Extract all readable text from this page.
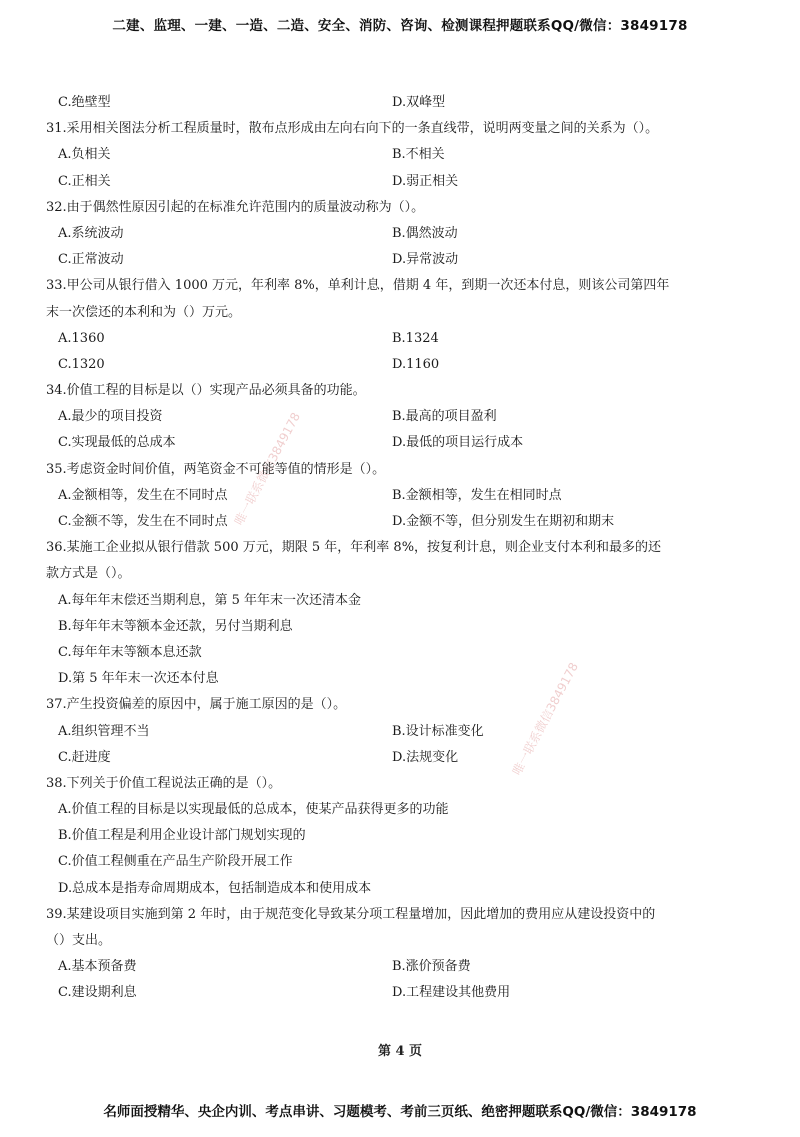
二建、监理、一建、一造、二造、安全、消防、咨询、检测课程押题联系QQ/微信：3849178
唯一联系微信3849178
唯一联系微信3849178
C.绝壁型	D.双峰型
31.采用相关图法分析工程质量时，散布点形成由左向右向下的一条直线带，说明两变量之间的关系为（）。
A.负相关	B.不相关
C.正相关	D.弱正相关
32.由于偶然性原因引起的在标准允许范围内的质量波动称为（）。
A.系统波动	B.偶然波动
C.正常波动	D.异常波动
33.甲公司从银行借入 1000 万元，年利率 8%，单利计息，借期 4 年，到期一次还本付息，则该公司第四年
末一次偿还的本利和为（）万元。
A.1360	B.1324
C.1320	D.1160
34.价值工程的目标是以（）实现产品必须具备的功能。
A.最少的项目投资	B.最高的项目盈利
C.实现最低的总成本	D.最低的项目运行成本
35.考虑资金时间价值，两笔资金不可能等值的情形是（）。
A.金额相等，发生在不同时点	B.金额相等，发生在相同时点
C.金额不等，发生在不同时点	D.金额不等，但分别发生在期初和期末
36.某施工企业拟从银行借款 500 万元，期限 5 年，年利率 8%，按复利计息，则企业支付本利和最多的还
款方式是（）。
A.每年年末偿还当期利息，第 5 年年末一次还清本金
B.每年年末等额本金还款，另付当期利息
C.每年年末等额本息还款
D.第 5 年年末一次还本付息
37.产生投资偏差的原因中，属于施工原因的是（）。
A.组织管理不当	B.设计标准变化
C.赶进度	D.法规变化
38.下列关于价值工程说法正确的是（）。
A.价值工程的目标是以实现最低的总成本，使某产品获得更多的功能
B.价值工程是利用企业设计部门规划实现的
C.价值工程侧重在产品生产阶段开展工作
D.总成本是指寿命周期成本，包括制造成本和使用成本
39.某建设项目实施到第 2 年时，由于规范变化导致某分项工程量增加，因此增加的费用应从建设投资中的
（）支出。
A.基本预备费	B.涨价预备费
C.建设期利息	D.工程建设其他费用
第 4 页
名师面授精华、央企内训、考点串讲、习题模考、考前三页纸、绝密押题联系QQ/微信：3849178
